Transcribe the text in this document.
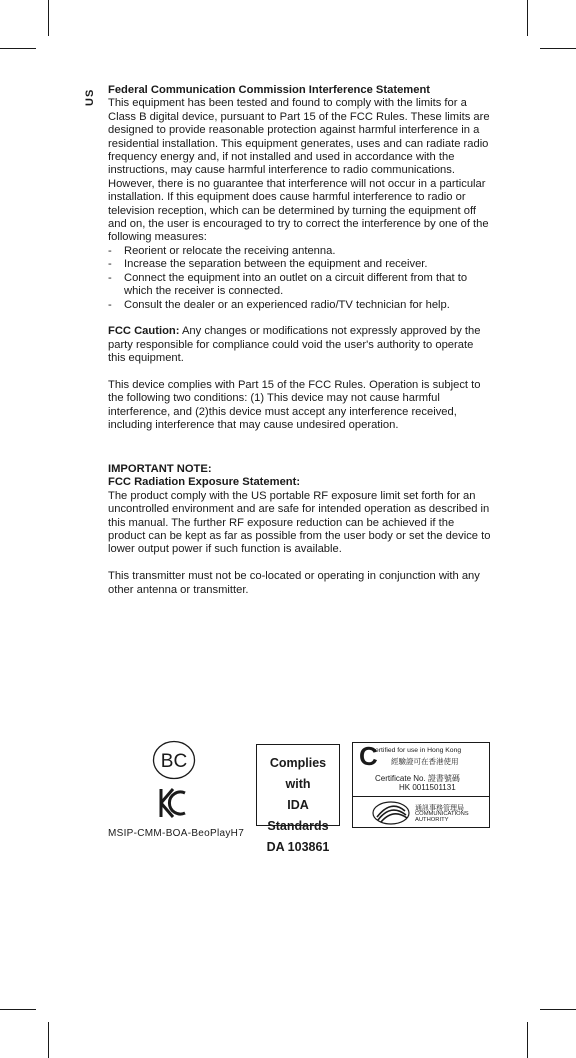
US Federal Communication Commission Interference Statement

This equipment has been tested and found to comply with the limits for a Class B digital device, pursuant to Part 15 of the FCC Rules. These limits are designed to provide reasonable protection against harmful interference in a residential installation. This equipment generates, uses and can radiate radio frequency energy and, if not installed and used in accordance with the instructions, may cause harmful interference to radio communications. However, there is no guarantee that interference will not occur in a particular installation. If this equipment does cause harmful interference to radio or television reception, which can be determined by turning the equipment off and on, the user is encouraged to try to correct the interference by one of the following measures:

- Reorient or relocate the receiving antenna.
- Increase the separation between the equipment and receiver.
- Connect the equipment into an outlet on a circuit different from that to which the receiver is connected.
- Consult the dealer or an experienced radio/TV technician for help.

FCC Caution: Any changes or modifications not expressly approved by the party responsible for compliance could void the user's authority to operate this equipment.

This device complies with Part 15 of the FCC Rules. Operation is subject to the following two conditions: (1) This device may not cause harmful interference, and (2)this device must accept any interference received, including interference that may cause undesired operation.

IMPORTANT NOTE:

FCC Radiation Exposure Statement:

The product comply with the US portable RF exposure limit set forth for an uncontrolled environment and are safe for intended operation as described in this manual. The further RF exposure reduction can be achieved if the product can be kept as far as possible from the user body or set the device to lower output power if such function is available.

This transmitter must not be co-located or operating in conjunction with any other antenna or transmitter.

BC
MSIP-CMM-BOA-BeoPlayH7
Complies with
IDA Standards
DA 103861
C
ertified for use in Hong Kong
經驗證可在香港使用
Certificate No. 證書號碼
HK 0011501131
通訊事務管理局
COMMUNICATIONS
AUTHORITY
